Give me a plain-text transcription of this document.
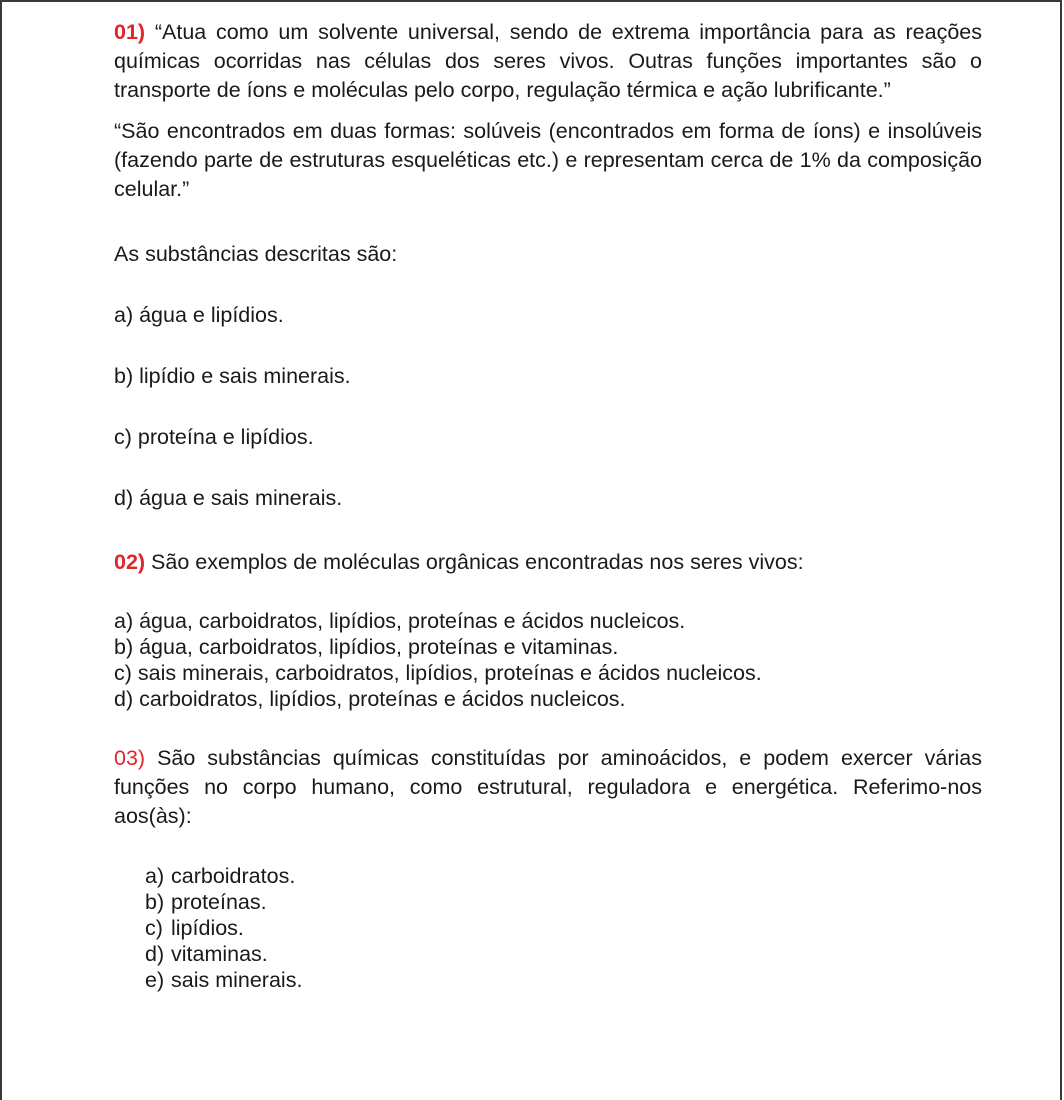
01) “Atua como um solvente universal, sendo de extrema importância para as reações químicas ocorridas nas células dos seres vivos. Outras funções importantes são o transporte de íons e moléculas pelo corpo, regulação térmica e ação lubrificante.”

“São encontrados em duas formas: solúveis (encontrados em forma de íons) e insolúveis (fazendo parte de estruturas esqueléticas etc.) e representam cerca de 1% da composição celular.”

As substâncias descritas são:

a) água e lipídios.

b) lipídio e sais minerais.

c) proteína e lipídios.

d) água e sais minerais.

02) São exemplos de moléculas orgânicas encontradas nos seres vivos:

a) água, carboidratos, lipídios, proteínas e ácidos nucleicos.
b) água, carboidratos, lipídios, proteínas e vitaminas.
c) sais minerais, carboidratos, lipídios, proteínas e ácidos nucleicos.
d) carboidratos, lipídios, proteínas e ácidos nucleicos.

03) São substâncias químicas constituídas por aminoácidos, e podem exercer várias funções no corpo humano, como estrutural, reguladora e energética. Referimo-nos aos(às):

a) carboidratos.
b) proteínas.
c) lipídios.
d) vitaminas.
e) sais minerais.
